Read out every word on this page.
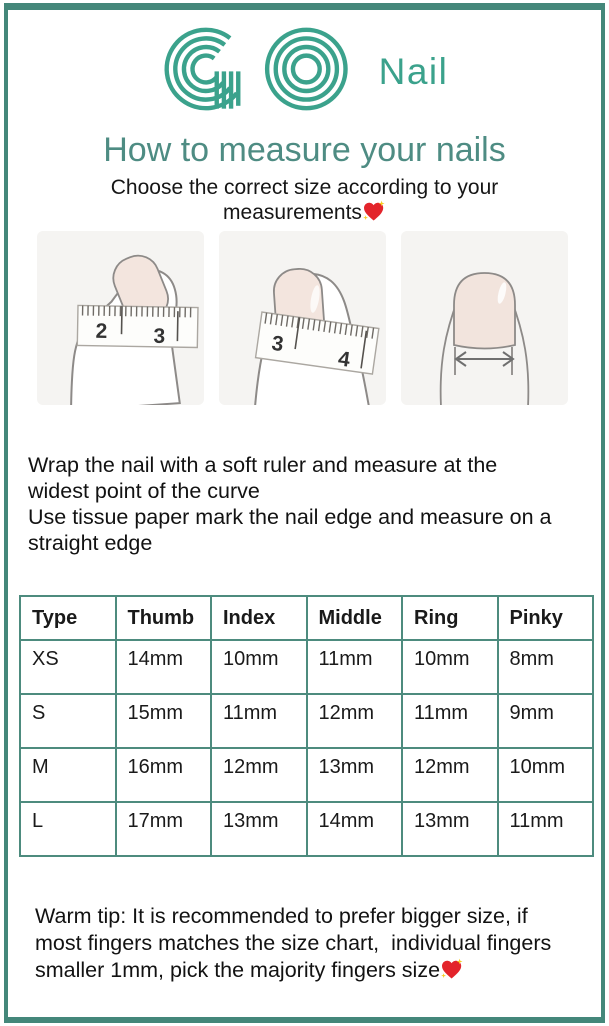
Nail
How to measure your nails
Choose the correct size according to your
measurements
2 3	3
4
Wrap the nail with a soft ruler and measure at the
widest point of the curve
Use tissue paper mark the nail edge and measure on a
straight edge
Type	Thumb	Index	Middle	Ring	Pinky
XS	14mm	10mm	11mm	10mm	8mm
S	15mm	11mm	12mm	11mm	9mm
M	16mm	12mm	13mm	12mm	10mm
L	17mm	13mm	14mm	13mm	11mm
Warm tip: It is recommended to prefer bigger size, if
most fingers matches the size chart,  individual fingers
smaller 1mm, pick the majority fingers size
